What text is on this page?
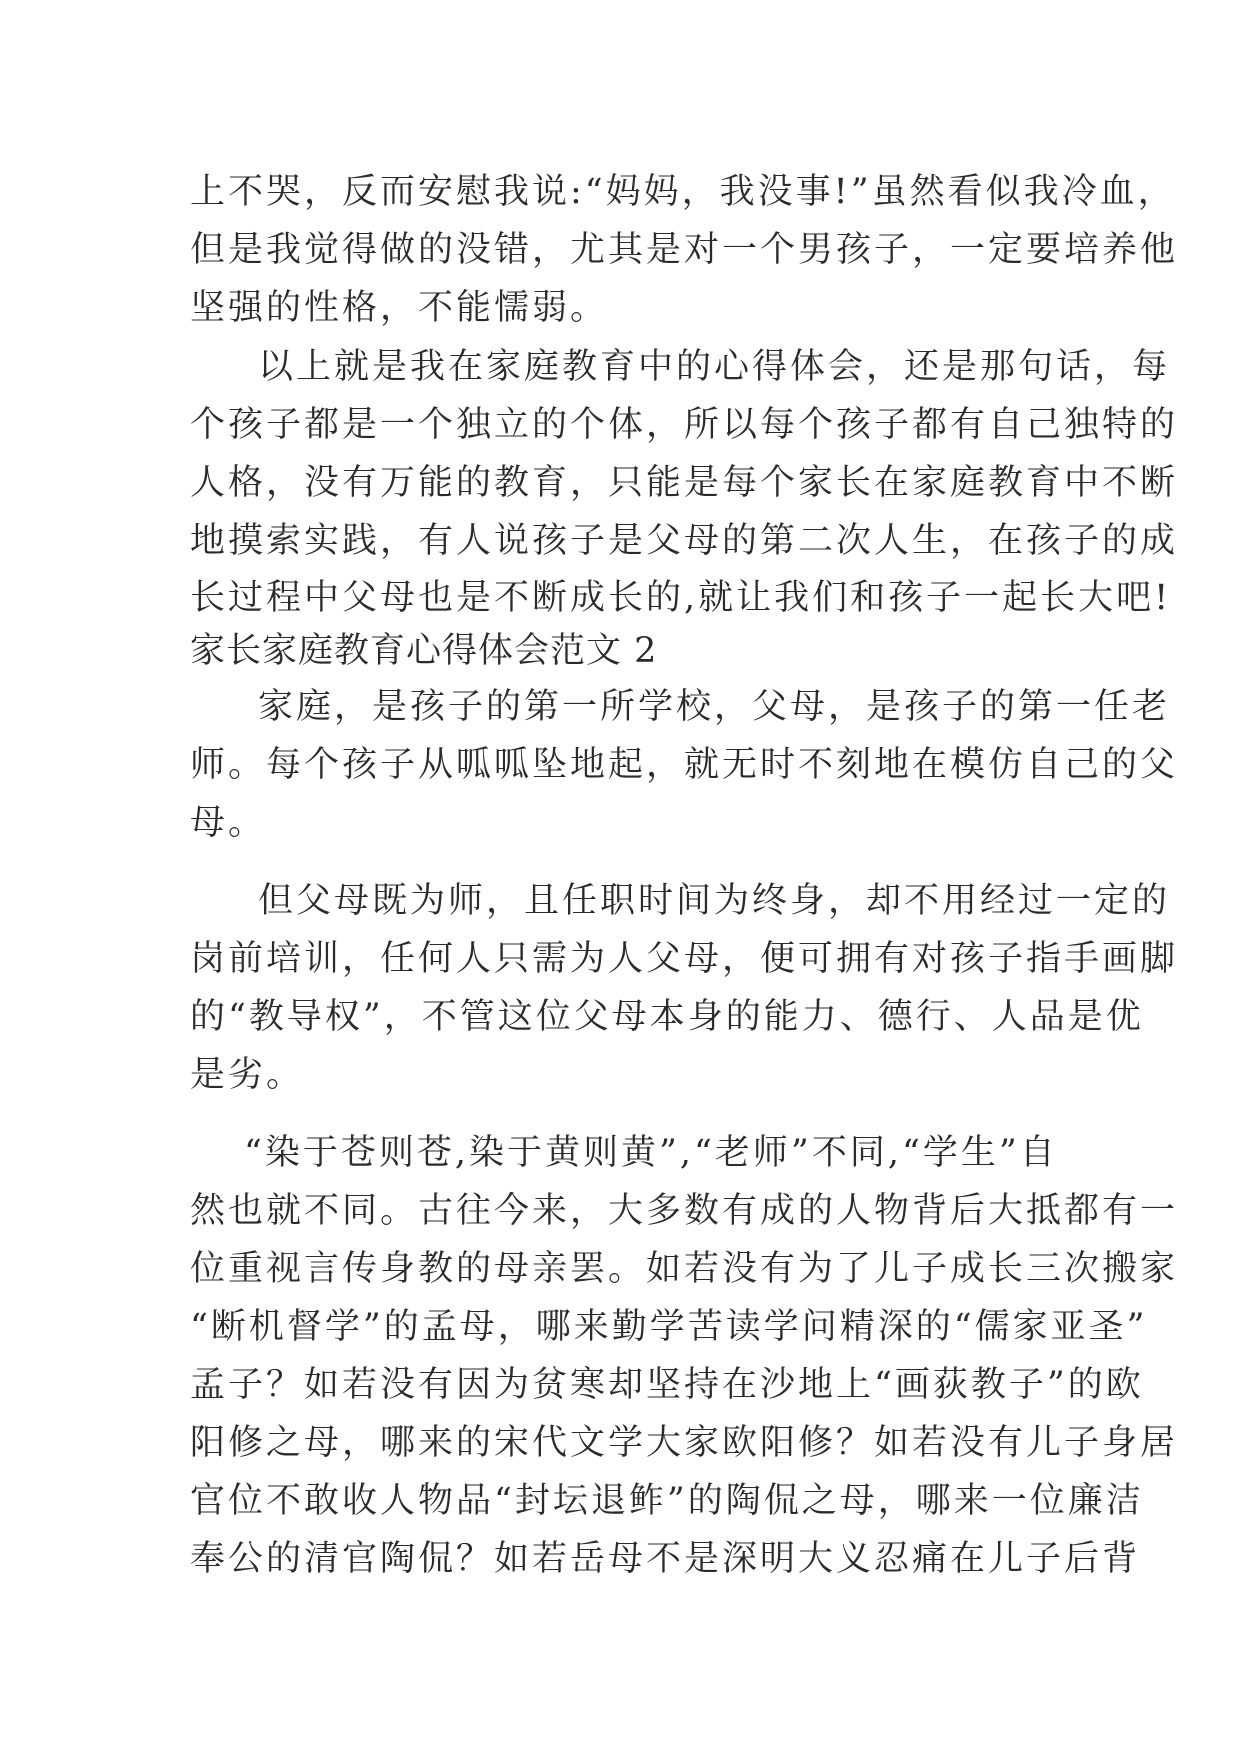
上不哭，反而安慰我说:“妈妈，我没事!”虽然看似我冷血，

但是我觉得做的没错，尤其是对一个男孩子，一定要培养他

坚强的性格，不能懦弱。

以上就是我在家庭教育中的心得体会，还是那句话，每

个孩子都是一个独立的个体，所以每个孩子都有自己独特的

人格，没有万能的教育，只能是每个家长在家庭教育中不断

地摸索实践，有人说孩子是父母的第二次人生，在孩子的成

长过程中父母也是不断成长的,就让我们和孩子一起长大吧!

家长家庭教育心得体会范文 2

家庭，是孩子的第一所学校，父母，是孩子的第一任老

师。每个孩子从呱呱坠地起，就无时不刻地在模仿自己的父

母。

但父母既为师，且任职时间为终身，却不用经过一定的

岗前培训，任何人只需为人父母，便可拥有对孩子指手画脚

的“教导权”，不管这位父母本身的能力、德行、人品是优

是劣。

“染于苍则苍,染于黄则黄”,“老师”不同,“学生”自

然也就不同。古往今来，大多数有成的人物背后大抵都有一

位重视言传身教的母亲罢。如若没有为了儿子成长三次搬家

“断机督学”的孟母，哪来勤学苦读学问精深的“儒家亚圣”

孟子？如若没有因为贫寒却坚持在沙地上“画荻教子”的欧

阳修之母，哪来的宋代文学大家欧阳修？如若没有儿子身居

官位不敢收人物品“封坛退鲊”的陶侃之母，哪来一位廉洁

奉公的清官陶侃？如若岳母不是深明大义忍痛在儿子后背
